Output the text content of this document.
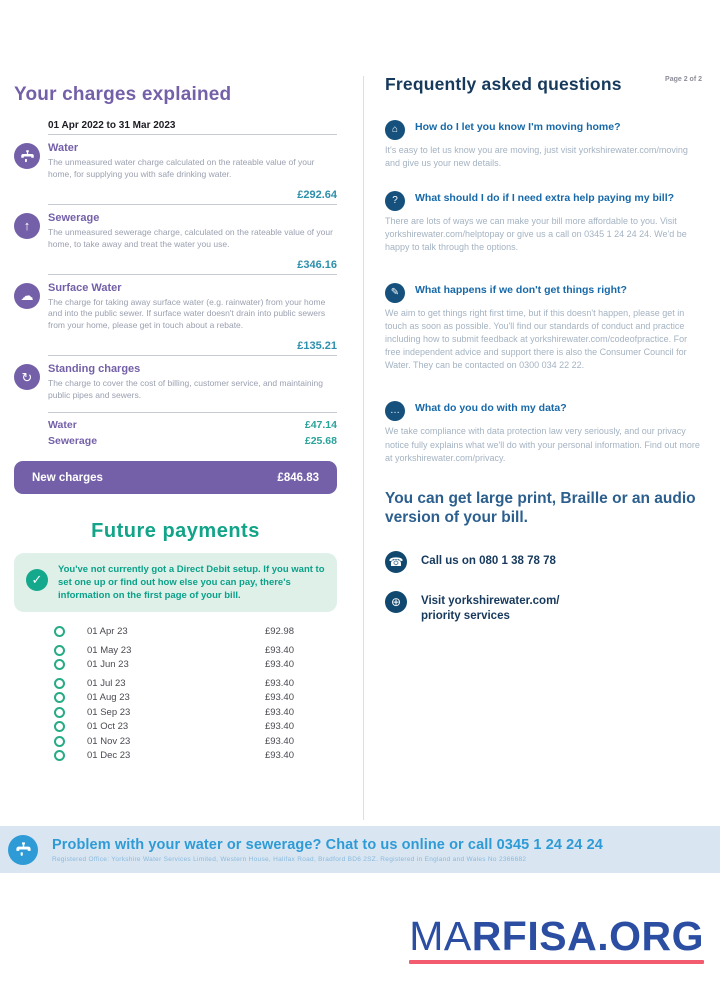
Page 2 of 2
Your charges explained
01 Apr 2022 to 31 Mar 2023
Water
The unmeasured water charge calculated on the rateable value of your home, for supplying you with safe drinking water.
£292.64
↑
Sewerage
The unmeasured sewerage charge, calculated on the rateable value of your home, to take away and treat the water you use.
£346.16
☁
Surface Water
The charge for taking away surface water (e.g. rainwater) from your home and into the public sewer. If surface water doesn't drain into public sewers from your home, please get in touch about a rebate.
£135.21
↻
Standing charges
The charge to cover the cost of billing, customer service, and maintaining public pipes and sewers.
Water	£47.14
Sewerage	£25.68
New charges	£846.83
Future payments
✓
You've not currently got a Direct Debit setup. If you want to set one up or find out how else you can pay, there's information on the first page of your bill.
01 Apr 23	£92.98
01 May 23	£93.40
01 Jun 23	£93.40
01 Jul 23	£93.40
01 Aug 23	£93.40
01 Sep 23	£93.40
01 Oct 23	£93.40
01 Nov 23	£93.40
01 Dec 23	£93.40
Frequently asked questions
⌂	How do I let you know I'm moving home?
It's easy to let us know you are moving, just visit yorkshirewater.com/moving and give us your new details.
?	What should I do if I need extra help paying my bill?
There are lots of ways we can make your bill more affordable to you. Visit yorkshirewater.com/helptopay or give us a call on 0345 1 24 24 24. We'd be happy to talk through the options.
✎	What happens if we don't get things right?
We aim to get things right first time, but if this doesn't happen, please get in touch as soon as possible. You'll find our standards of conduct and practice including how to submit feedback at yorkshirewater.com/codeofpractice. For free independent advice and support there is also the Consumer Council for Water. They can be contacted on 0300 034 22 22.
…	What do you do with my data?
We take compliance with data protection law very seriously, and our privacy notice fully explains what we'll do with your personal information. Find out more at yorkshirewater.com/privacy.
You can get large print, Braille or an audio version of your bill.
☎	Call us on 080 1 38 78 78
⊕	Visit yorkshirewater.com/
priority services
Problem with your water or sewerage? Chat to us online or call 0345 1 24 24 24
Registered Office: Yorkshire Water Services Limited, Western House, Halifax Road, Bradford BD6 2SZ. Registered in England and Wales No 2366682
MARFISA.ORG
